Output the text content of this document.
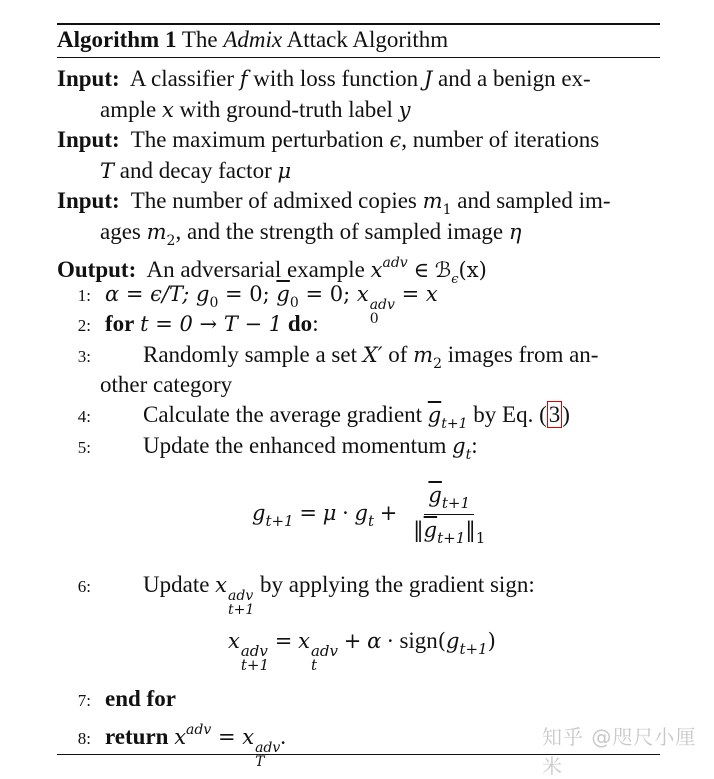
Algorithm 1 The Admix Attack Algorithm
Input: A classifier f with loss function J and a benign ex-
ample x with ground-truth label y
Input: The maximum perturbation ϵ, number of iterations
T and decay factor μ
Input: The number of admixed copies $m_1$ and sampled im-
ages $m_2$, and the strength of sampled image η
Output: An adversarial example $x^{adv}$ ∈ ℬ$_\epsilon$(x)
1: α = ϵ/T; $g_0 = 0$; $\overline{g}_0 = 0$; x adv
0
= x
2: for t = 0 → T − 1 do:
3: Randomly sample a set X′ of $m_2$ images from an-
other category
4: Calculate the average gradient $\overline{g}_{t+1}$ by Eq. (3)
5: Update the enhanced momentum $g_t$:
$g_{t+1} = \mu \cdot g_t + \frac{\overline{g}_{t+1}}{‖\overline{g}_{t+1}‖_1}$
6: Update x adv
t+1
by applying the gradient sign:
x adv
t+1
= x adv
t
+ $\alpha \cdot sign(g_{t+1})$
7: end for
8: return $x^{adv} = x$ adv
T
.	知乎 @咫尺小厘米
